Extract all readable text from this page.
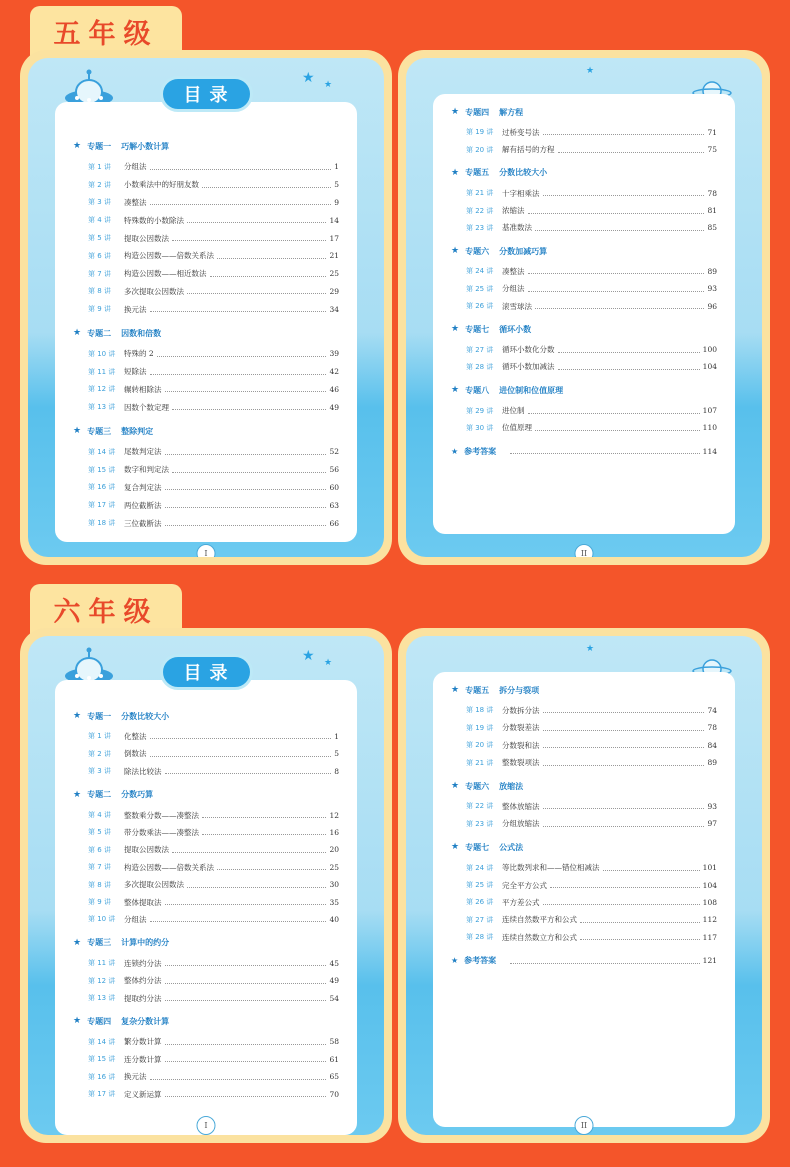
五年级
★ ★
★ 专题一 巧解小数计算
第 1 讲	分组法	1
第 2 讲	小数乘法中的好朋友数	5
第 3 讲	凑整法	9
第 4 讲	特殊数的小数除法	14
第 5 讲	提取公因数法	17
第 6 讲	构造公因数——倍数关系法	21
第 7 讲	构造公因数——相近数法	25
第 8 讲	多次提取公因数法	29
第 9 讲	换元法	34
★ 专题二 因数和倍数
第 10 讲	特殊的 2	39
第 11 讲	短除法	42
第 12 讲	辗转相除法	46
第 13 讲	因数个数定理	49
★ 专题三 整除判定
第 14 讲	尾数判定法	52
第 15 讲	数字和判定法	56
第 16 讲	复合判定法	60
第 17 讲	两位截断法	63
第 18 讲	三位截断法	66
I
目录
★
★ 专题四 解方程
第 19 讲	过桥变号法	71
第 20 讲	解有括号的方程	75
★ 专题五 分数比较大小
第 21 讲	十字相乘法	78
第 22 讲	浓缩法	81
第 23 讲	基准数法	85
★ 专题六 分数加减巧算
第 24 讲	凑整法	89
第 25 讲	分组法	93
第 26 讲	滚雪球法	96
★ 专题七 循环小数
第 27 讲	循环小数化分数	100
第 28 讲	循环小数加减法	104
★ 专题八 进位制和位值原理
第 29 讲	进位制	107
第 30 讲	位值原理	110
★ 参考答案	114
II
六年级
★ ★
★ 专题一 分数比较大小
第 1 讲	化整法	1
第 2 讲	倒数法	5
第 3 讲	除法比较法	8
★ 专题二 分数巧算
第 4 讲	整数乘分数——凑整法	12
第 5 讲	带分数乘法——凑整法	16
第 6 讲	提取公因数法	20
第 7 讲	构造公因数——倍数关系法	25
第 8 讲	多次提取公因数法	30
第 9 讲	整体提取法	35
第 10 讲	分组法	40
★ 专题三 计算中的约分
第 11 讲	连锁约分法	45
第 12 讲	整体约分法	49
第 13 讲	提取约分法	54
★ 专题四 复杂分数计算
第 14 讲	繁分数计算	58
第 15 讲	连分数计算	61
第 16 讲	换元法	65
第 17 讲	定义新运算	70
I
目录
★
★ 专题五 拆分与裂项
第 18 讲	分数拆分法	74
第 19 讲	分数裂差法	78
第 20 讲	分数裂和法	84
第 21 讲	整数裂项法	89
★ 专题六 放缩法
第 22 讲	整体放缩法	93
第 23 讲	分组放缩法	97
★ 专题七 公式法
第 24 讲	等比数列求和——错位相减法	101
第 25 讲	完全平方公式	104
第 26 讲	平方差公式	108
第 27 讲	连续自然数平方和公式	112
第 28 讲	连续自然数立方和公式	117
★ 参考答案	121
II
